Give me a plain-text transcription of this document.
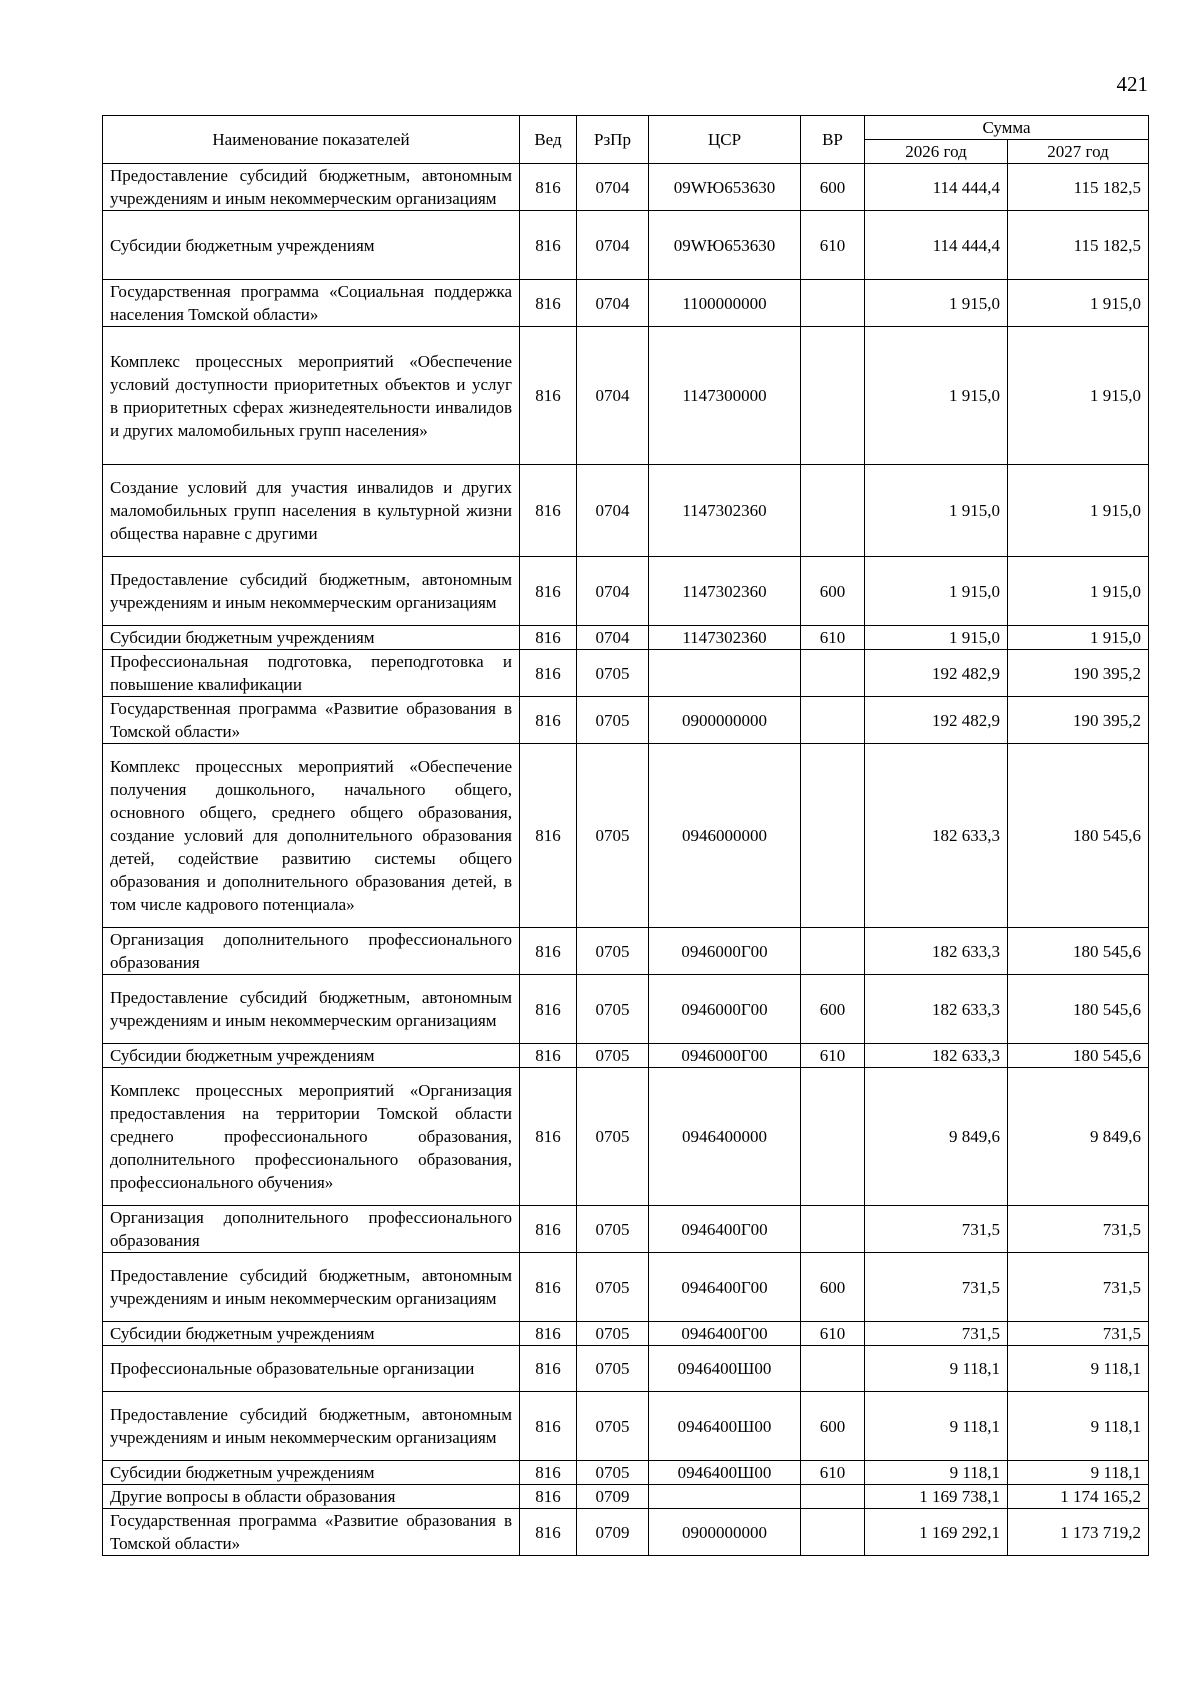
421
Наименование показателей	Вед	РзПр	ЦСР	ВР	Сумма	
					2026 год	2027 год
Предоставление субсидий бюджетным, автономным учреждениям и иным некоммерческим организациям	816	0704	09WЮ653630	600	114 444,4	115 182,5
Субсидии бюджетным учреждениям	816	0704	09WЮ653630	610	114 444,4	115 182,5
Государственная программа «Социальная поддержка населения Томской области»	816	0704	1100000000		1 915,0	1 915,0
Комплекс процессных мероприятий «Обеспечение условий доступности приоритетных объектов и услуг в приоритетных сферах жизнедеятельности инвалидов и других маломобильных групп населения»	816	0704	1147300000		1 915,0	1 915,0
Создание условий для участия инвалидов и других маломобильных групп населения в культурной жизни общества наравне с другими	816	0704	1147302360		1 915,0	1 915,0
Предоставление субсидий бюджетным, автономным учреждениям и иным некоммерческим организациям	816	0704	1147302360	600	1 915,0	1 915,0
Субсидии бюджетным учреждениям	816	0704	1147302360	610	1 915,0	1 915,0
Профессиональная подготовка, переподготовка и повышение квалификации	816	0705			192 482,9	190 395,2
Государственная программа «Развитие образования в Томской области»	816	0705	0900000000		192 482,9	190 395,2
Комплекс процессных мероприятий «Обеспечение получения дошкольного, начального общего, основного общего, среднего общего образования, создание условий для дополнительного образования детей, содействие развитию системы общего образования и дополнительного образования детей, в том числе кадрового потенциала»	816	0705	0946000000		182 633,3	180 545,6
Организация дополнительного профессионального образования	816	0705	0946000Г00		182 633,3	180 545,6
Предоставление субсидий бюджетным, автономным учреждениям и иным некоммерческим организациям	816	0705	0946000Г00	600	182 633,3	180 545,6
Субсидии бюджетным учреждениям	816	0705	0946000Г00	610	182 633,3	180 545,6
Комплекс процессных мероприятий «Организация предоставления на территории Томской области среднего профессионального образования, дополнительного профессионального образования, профессионального обучения»	816	0705	0946400000		9 849,6	9 849,6
Организация дополнительного профессионального образования	816	0705	0946400Г00		731,5	731,5
Предоставление субсидий бюджетным, автономным учреждениям и иным некоммерческим организациям	816	0705	0946400Г00	600	731,5	731,5
Субсидии бюджетным учреждениям	816	0705	0946400Г00	610	731,5	731,5
Профессиональные образовательные организации	816	0705	0946400Ш00		9 118,1	9 118,1
Предоставление субсидий бюджетным, автономным учреждениям и иным некоммерческим организациям	816	0705	0946400Ш00	600	9 118,1	9 118,1
Субсидии бюджетным учреждениям	816	0705	0946400Ш00	610	9 118,1	9 118,1
Другие вопросы в области образования	816	0709			1 169 738,1	1 174 165,2
Государственная программа «Развитие образования в Томской области»	816	0709	0900000000		1 169 292,1	1 173 719,2
